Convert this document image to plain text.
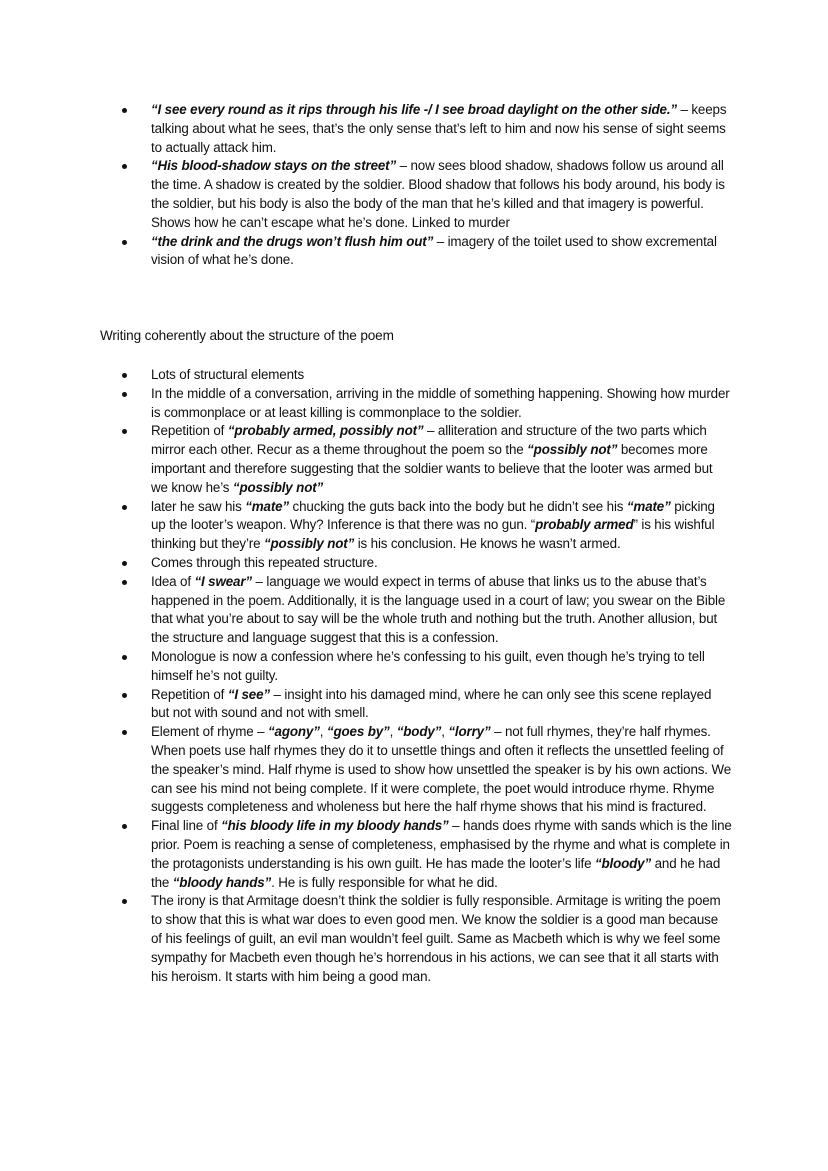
“I see every round as it rips through his life -/ I see broad daylight on the other side.” – keeps talking about what he sees, that’s the only sense that’s left to him and now his sense of sight seems to actually attack him.
“His blood-shadow stays on the street” – now sees blood shadow, shadows follow us around all the time. A shadow is created by the soldier. Blood shadow that follows his body around, his body is the soldier, but his body is also the body of the man that he’s killed and that imagery is powerful. Shows how he can’t escape what he’s done. Linked to murder
“the drink and the drugs won’t flush him out” – imagery of the toilet used to show excremental vision of what he’s done.
Writing coherently about the structure of the poem
Lots of structural elements
In the middle of a conversation, arriving in the middle of something happening. Showing how murder is commonplace or at least killing is commonplace to the soldier.
Repetition of “probably armed, possibly not” – alliteration and structure of the two parts which mirror each other. Recur as a theme throughout the poem so the “possibly not” becomes more important and therefore suggesting that the soldier wants to believe that the looter was armed but we know he’s “possibly not”
later he saw his “mate” chucking the guts back into the body but he didn’t see his “mate” picking up the looter’s weapon. Why? Inference is that there was no gun. “probably armed” is his wishful thinking but they’re “possibly not” is his conclusion. He knows he wasn’t armed.
Comes through this repeated structure.
Idea of “I swear” – language we would expect in terms of abuse that links us to the abuse that’s happened in the poem. Additionally, it is the language used in a court of law; you swear on the Bible that what you’re about to say will be the whole truth and nothing but the truth. Another allusion, but the structure and language suggest that this is a confession.
Monologue is now a confession where he’s confessing to his guilt, even though he’s trying to tell himself he’s not guilty.
Repetition of “I see” – insight into his damaged mind, where he can only see this scene replayed but not with sound and not with smell.
Element of rhyme – “agony”, “goes by”, “body”, “lorry” – not full rhymes, they’re half rhymes. When poets use half rhymes they do it to unsettle things and often it reflects the unsettled feeling of the speaker’s mind. Half rhyme is used to show how unsettled the speaker is by his own actions. We can see his mind not being complete. If it were complete, the poet would introduce rhyme. Rhyme suggests completeness and wholeness but here the half rhyme shows that his mind is fractured.
Final line of “his bloody life in my bloody hands” – hands does rhyme with sands which is the line prior. Poem is reaching a sense of completeness, emphasised by the rhyme and what is complete in the protagonists understanding is his own guilt. He has made the looter’s life “bloody” and he had the “bloody hands”. He is fully responsible for what he did.
The irony is that Armitage doesn’t think the soldier is fully responsible. Armitage is writing the poem to show that this is what war does to even good men. We know the soldier is a good man because of his feelings of guilt, an evil man wouldn’t feel guilt. Same as Macbeth which is why we feel some sympathy for Macbeth even though he’s horrendous in his actions, we can see that it all starts with his heroism. It starts with him being a good man.
